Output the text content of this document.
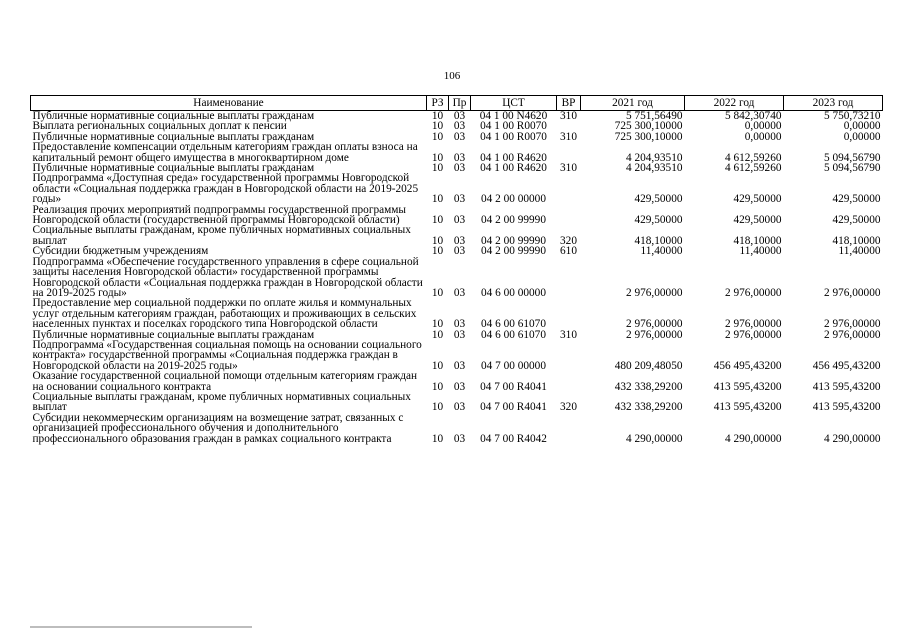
106
Наименование	РЗ	Пр	ЦСТ	ВР	2021 год	2022 год	2023 год
Публичные нормативные социальные выплаты гражданам	10	03	04 1 00 N4620	310	5 751,56490	5 842,30740	5 750,73210
Выплата региональных социальных доплат к пенсии	10	03	04 1 00 R0070		725 300,10000	0,00000	0,00000
Публичные нормативные социальные выплаты гражданам	10	03	04 1 00 R0070	310	725 300,10000	0,00000	0,00000
Предоставление компенсации отдельным категориям граждан оплаты взноса на капитальный ремонт общего имущества в многоквартирном доме	10	03	04 1 00 R4620		4 204,93510	4 612,59260	5 094,56790
Публичные нормативные социальные выплаты гражданам	10	03	04 1 00 R4620	310	4 204,93510	4 612,59260	5 094,56790
Подпрограмма «Доступная среда» государственной программы Новгородской области «Социальная поддержка граждан в Новгородской области на 2019-2025 годы»	10	03	04 2 00 00000		429,50000	429,50000	429,50000
Реализация прочих мероприятий подпрограммы государственной программы Новгородской области (государственной программы Новгородской области)	10	03	04 2 00 99990		429,50000	429,50000	429,50000
Социальные выплаты гражданам, кроме публичных нормативных социальных выплат	10	03	04 2 00 99990	320	418,10000	418,10000	418,10000
Субсидии бюджетным учреждениям	10	03	04 2 00 99990	610	11,40000	11,40000	11,40000
Подпрограмма «Обеспечение государственного управления в сфере социальной защиты населения Новгородской области» государственной программы Новгородской области «Социальная поддержка граждан в Новгородской области на 2019-2025 годы»	10	03	04 6 00 00000		2 976,00000	2 976,00000	2 976,00000
Предоставление мер социальной поддержки по оплате жилья и коммунальных услуг отдельным категориям граждан, работающих и проживающих в сельских населенных пунктах и поселках городского типа Новгородской области	10	03	04 6 00 61070		2 976,00000	2 976,00000	2 976,00000
Публичные нормативные социальные выплаты гражданам	10	03	04 6 00 61070	310	2 976,00000	2 976,00000	2 976,00000
Подпрограмма «Государственная социальная помощь на основании социального контракта» государственной программы «Социальная поддержка граждан в Новгородской области на 2019-2025 годы»	10	03	04 7 00 00000		480 209,48050	456 495,43200	456 495,43200
Оказание государственной социальной помощи отдельным категориям граждан на основании социального контракта	10	03	04 7 00 R4041		432 338,29200	413 595,43200	413 595,43200
Социальные выплаты гражданам, кроме публичных нормативных социальных выплат	10	03	04 7 00 R4041	320	432 338,29200	413 595,43200	413 595,43200
Субсидии некоммерческим организациям на возмещение затрат, связанных с организацией профессионального обучения и дополнительного профессионального образования граждан в рамках социального контракта	10	03	04 7 00 R4042		4 290,00000	4 290,00000	4 290,00000
